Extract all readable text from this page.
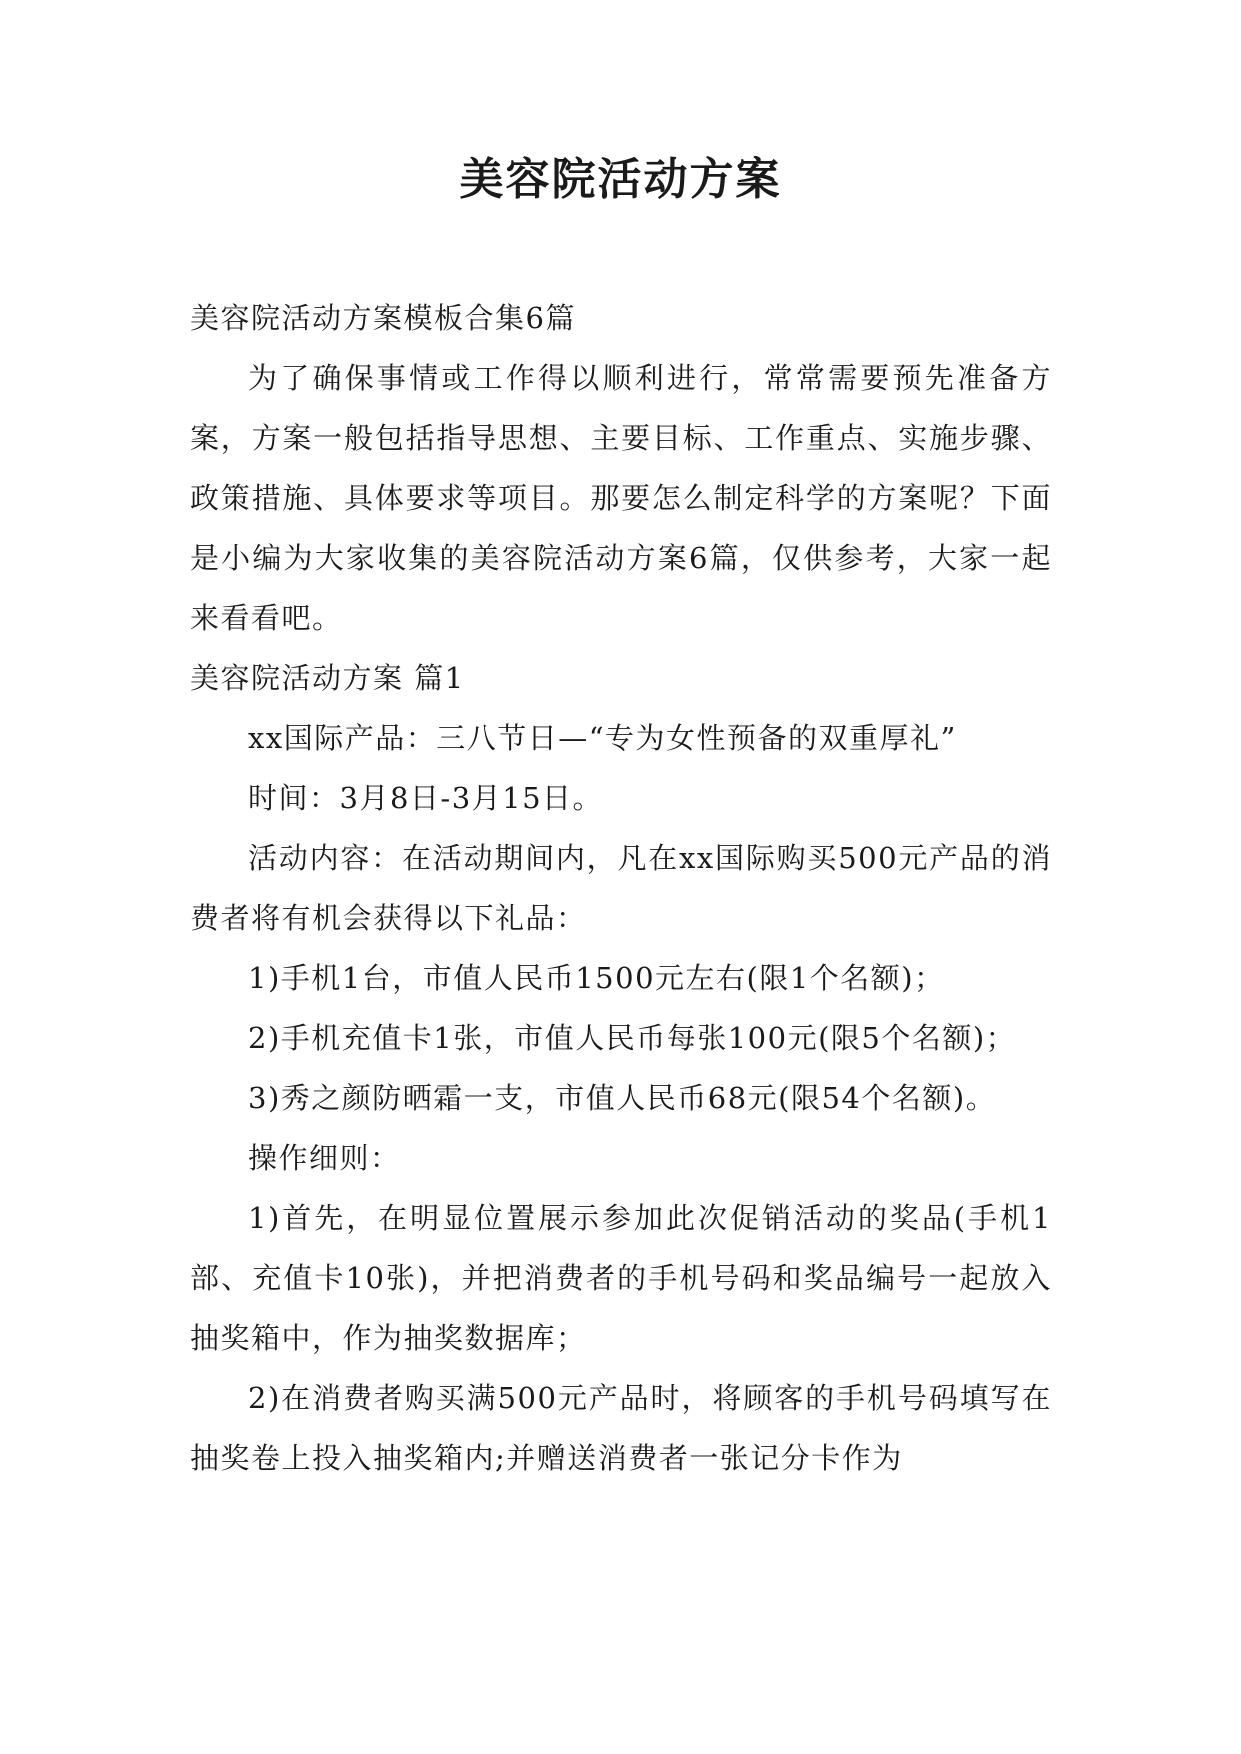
美容院活动方案

美容院活动方案模板合集6篇

为了确保事情或工作得以顺利进行，常常需要预先准备方案，方案一般包括指导思想、主要目标、工作重点、实施步骤、政策措施、具体要求等项目。那要怎么制定科学的方案呢？下面是小编为大家收集的美容院活动方案6篇，仅供参考，大家一起来看看吧。

美容院活动方案 篇1

xx国际产品：三八节日—“专为女性预备的双重厚礼”

时间：3月8日-3月15日。

活动内容：在活动期间内，凡在xx国际购买500元产品的消费者将有机会获得以下礼品：

1)手机1台，市值人民币1500元左右(限1个名额)；

2)手机充值卡1张，市值人民币每张100元(限5个名额)；

3)秀之颜防晒霜一支，市值人民币68元(限54个名额)。

操作细则：

1)首先，在明显位置展示参加此次促销活动的奖品(手机1部、充值卡10张)，并把消费者的手机号码和奖品编号一起放入抽奖箱中，作为抽奖数据库；

2)在消费者购买满500元产品时，将顾客的手机号码填写在抽奖卷上投入抽奖箱内;并赠送消费者一张记分卡作为
